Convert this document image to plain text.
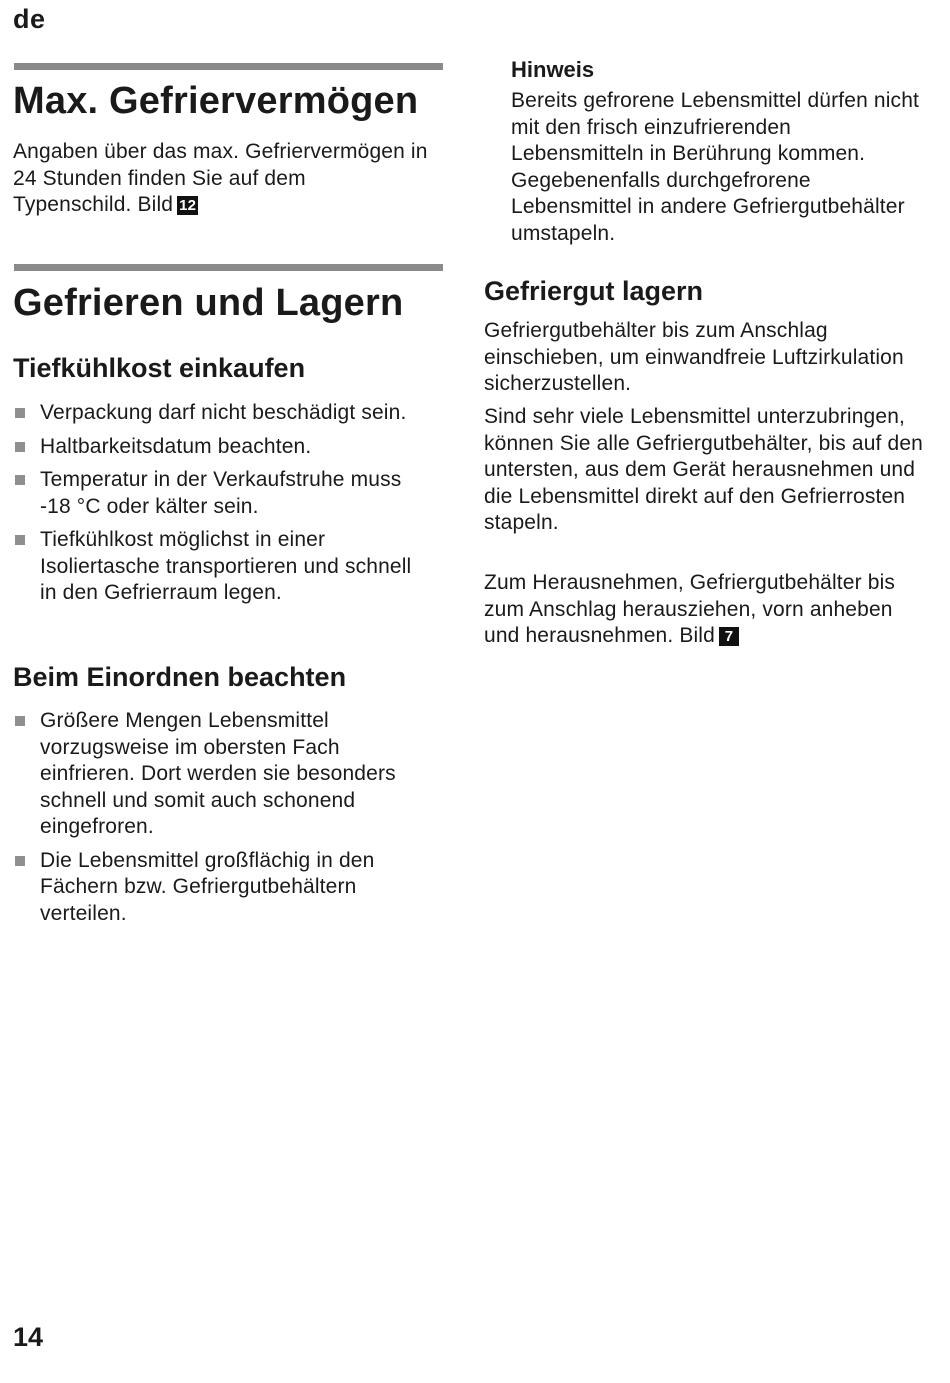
de
Max. Gefriervermögen

Angaben über das max. Gefriervermögen in 24 Stunden finden Sie auf dem Typenschild. Bild 12

Gefrieren und Lagern
Tiefkühlkost einkaufen
Verpackung darf nicht beschädigt sein.
Haltbarkeitsdatum beachten.
Temperatur in der Verkaufstruhe muss -18 °C oder kälter sein.
Tiefkühlkost möglichst in einer Isoliertasche transportieren und schnell in den Gefrierraum legen.
Beim Einordnen beachten
Größere Mengen Lebensmittel vorzugsweise im obersten Fach einfrieren. Dort werden sie besonders schnell und somit auch schonend eingefroren.
Die Lebensmittel großflächig in den Fächern bzw. Gefriergutbehältern verteilen.
Hinweis

Bereits gefrorene Lebensmittel dürfen nicht mit den frisch einzufrierenden Lebensmitteln in Berührung kommen. Gegebenenfalls durchgefrorene Lebensmittel in andere Gefriergutbehälter umstapeln.

Gefriergut lagern

Gefriergutbehälter bis zum Anschlag einschieben, um einwandfreie Luftzirkulation sicherzustellen.

Sind sehr viele Lebensmittel unterzubringen, können Sie alle Gefriergutbehälter, bis auf den untersten, aus dem Gerät herausnehmen und die Lebensmittel direkt auf den Gefrierrosten stapeln.

Zum Herausnehmen, Gefriergutbehälter bis zum Anschlag herausziehen, vorn anheben und herausnehmen. Bild 7

14
